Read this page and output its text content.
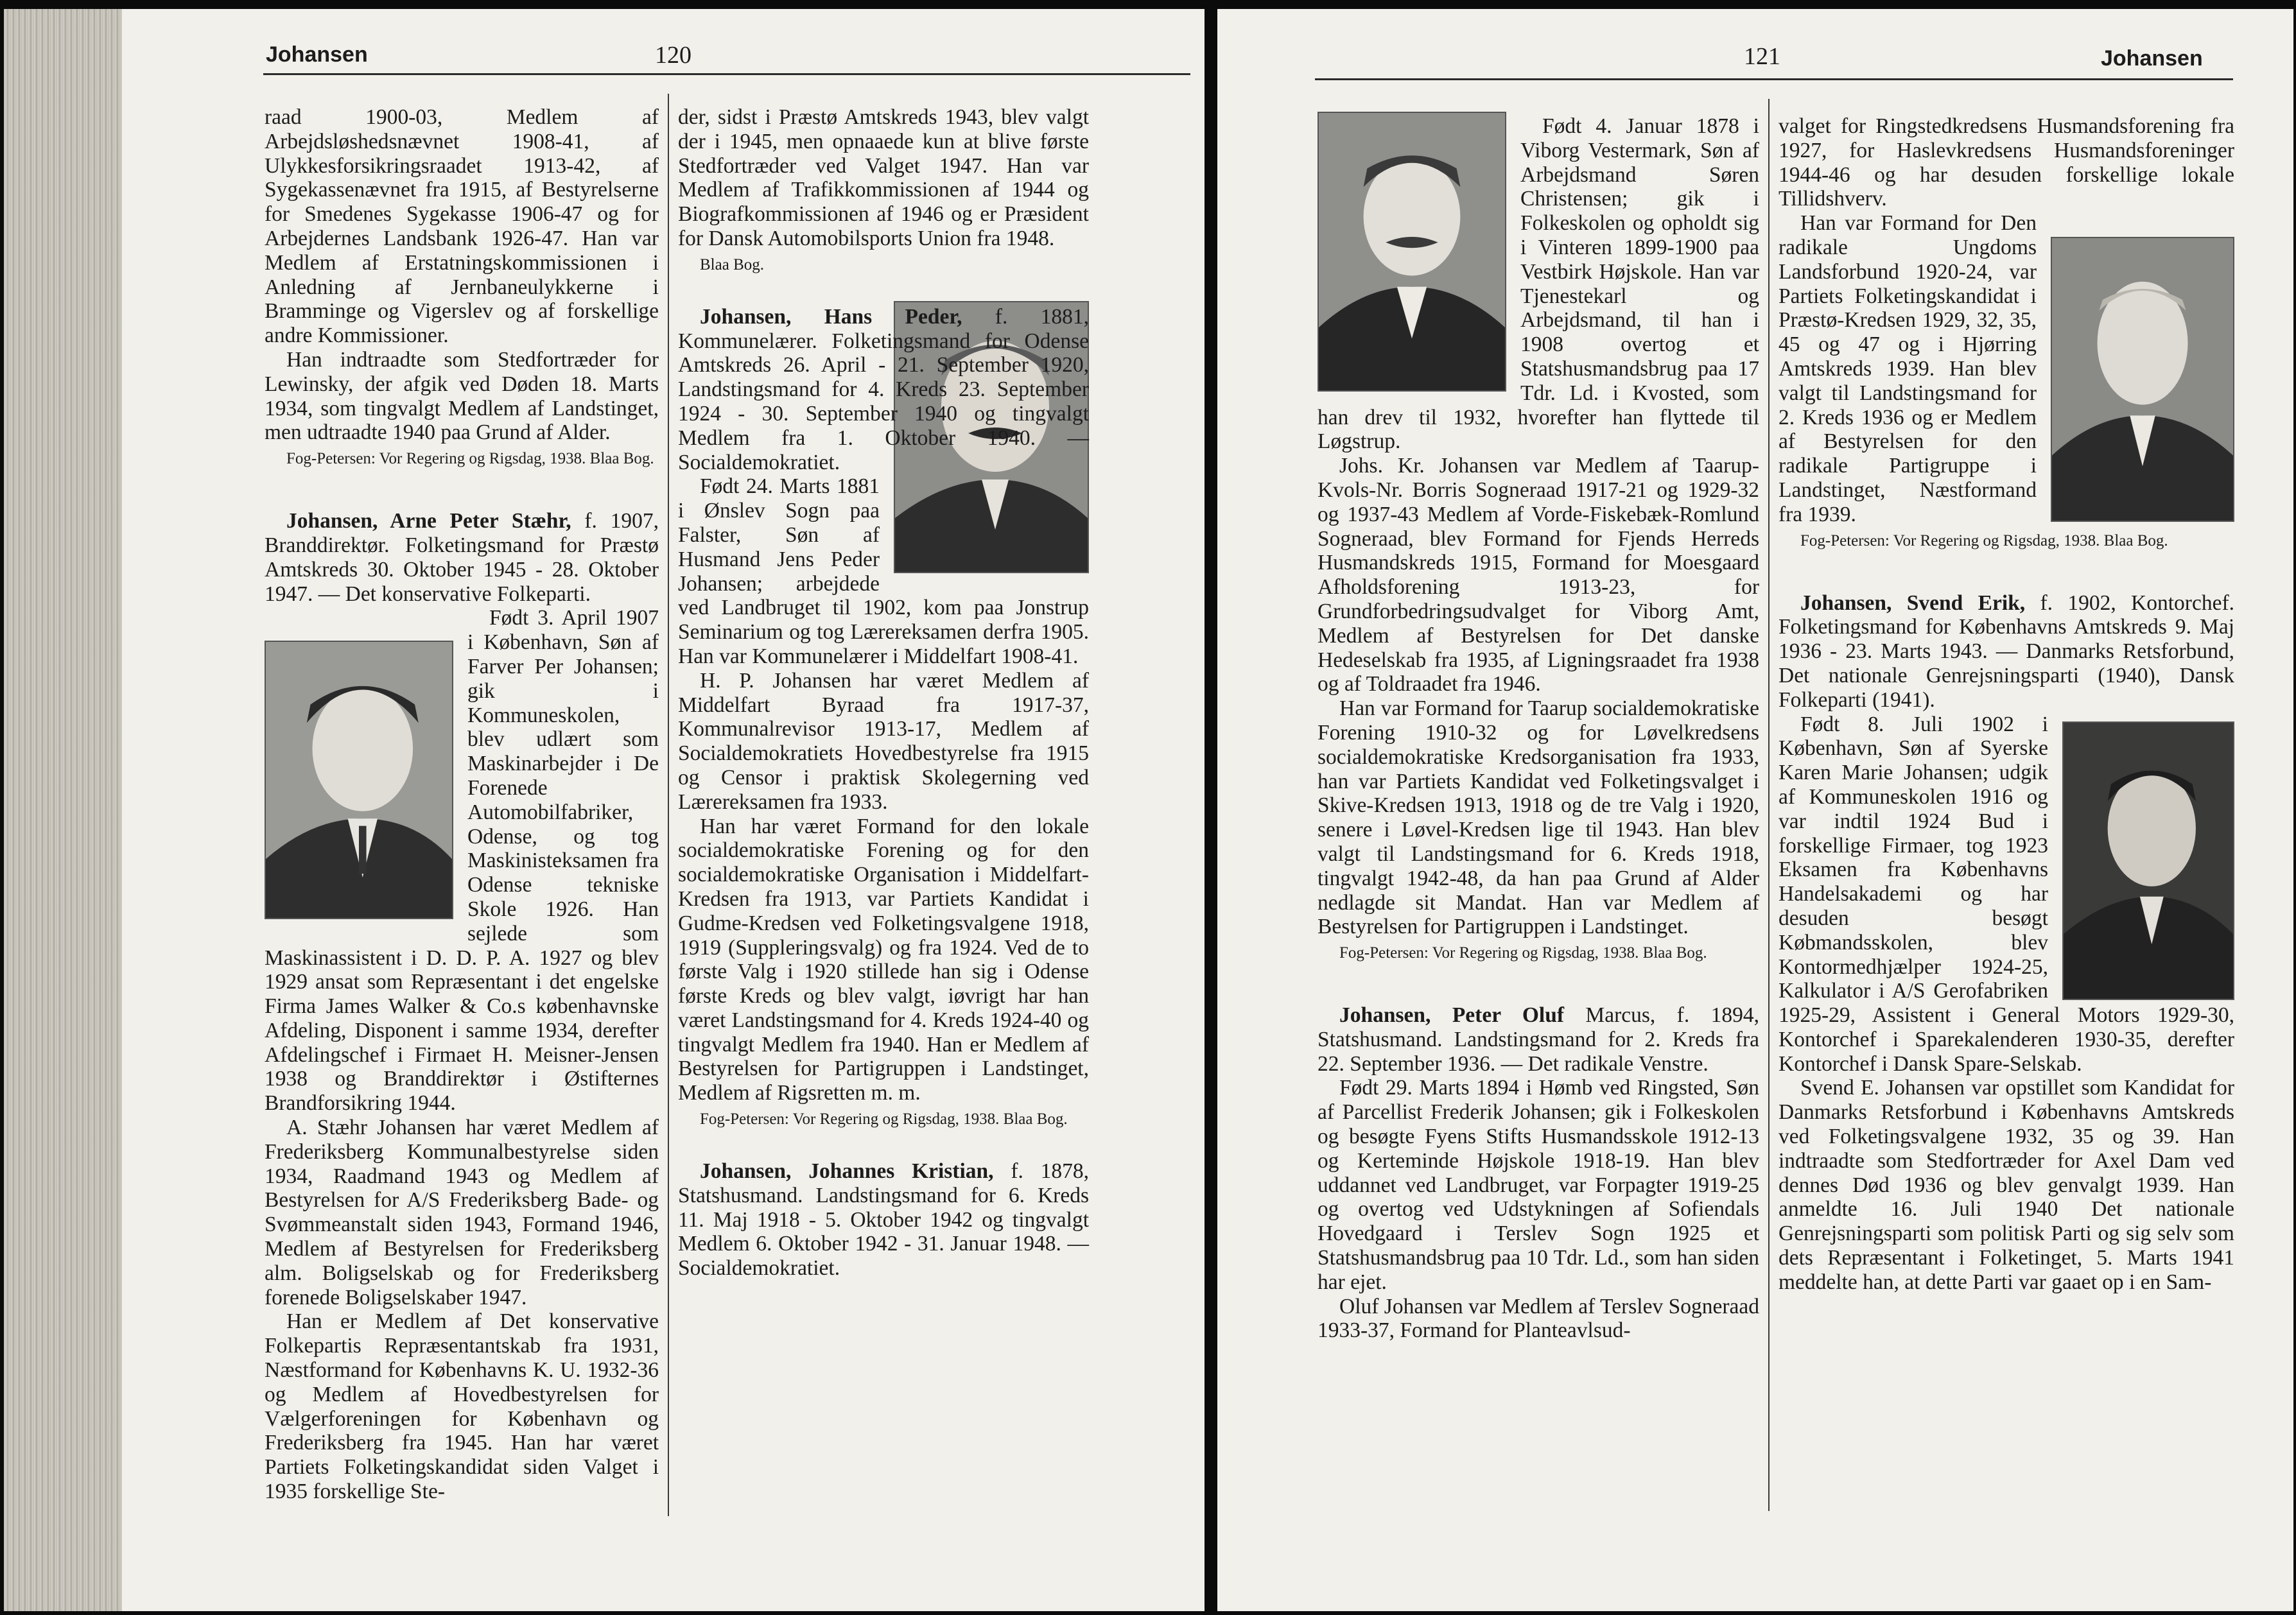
Johansen	120

raad 1900-03, Medlem af Arbejdsløshedsnævnet 1908-41, af Ulykkesforsikringsraadet 1913-42, af Sygekassenævnet fra 1915, af Bestyrelserne for Smedenes Sygekasse 1906-47 og for Arbejdernes Landsbank 1926-47. Han var Medlem af Erstatningskommissionen i Anledning af Jernbaneulykkerne i Bramminge og Vigerslev og af forskellige andre Kommissioner.

Han indtraadte som Stedfortræder for Lewinsky, der afgik ved Døden 18. Marts 1934, som tingvalgt Medlem af Landstinget, men udtraadte 1940 paa Grund af Alder.

Fog-Petersen: Vor Regering og Rigsdag, 1938. Blaa Bog.

Johansen, Arne Peter Stæhr, f. 1907, Branddirektør. Folketingsmand for Præstø Amtskreds 30. Oktober 1945 - 28. Oktober 1947. — Det konservative Folkeparti.

Født 3. April 1907 i København, Søn af Farver Per Johansen; gik i Kommuneskolen, blev udlært som Maskinarbejder i De Forenede Automobilfabriker, Odense, og tog Maskinisteksamen fra Odense tekniske Skole 1926. Han sejlede som Maskinassistent i D. D. P. A. 1927 og blev 1929 ansat som Repræsentant i det engelske Firma James Walker & Co.s københavnske Afdeling, Disponent i samme 1934, derefter Afdelingschef i Firmaet H. Meisner-Jensen 1938 og Branddirektør i Østifternes Brandforsikring 1944.

A. Stæhr Johansen har været Medlem af Frederiksberg Kommunalbestyrelse siden 1934, Raadmand 1943 og Medlem af Bestyrelsen for A/S Frederiksberg Bade- og Svømmeanstalt siden 1943, Formand 1946, Medlem af Bestyrelsen for Frederiksberg alm. Boligselskab og for Frederiksberg forenede Boligselskaber 1947.

Han er Medlem af Det konservative Folkepartis Repræsentantskab fra 1931, Næstformand for Københavns K. U. 1932-36 og Medlem af Hovedbestyrelsen for Vælgerforeningen for København og Frederiksberg fra 1945. Han har været Partiets Folketingskandidat siden Valget i 1935 forskellige Ste-

der, sidst i Præstø Amtskreds 1943, blev valgt der i 1945, men opnaaede kun at blive første Stedfortræder ved Valget 1947. Han var Medlem af Trafikkommissionen af 1944 og Biografkommissionen af 1946 og er Præsident for Dansk Automobilsports Union fra 1948.

Blaa Bog.

Johansen, Hans Peder, f. 1881, Kommunelærer. Folketingsmand for Odense Amtskreds 26. April - 21. September 1920, Landstingsmand for 4. Kreds 23. September 1924 - 30. September 1940 og tingvalgt Medlem fra 1. Oktober 1940. — Socialdemokratiet.

Født 24. Marts 1881 i Ønslev Sogn paa Falster, Søn af Husmand Jens Peder Johansen; arbejdede ved Landbruget til 1902, kom paa Jonstrup Seminarium og tog Lærereksamen derfra 1905. Han var Kommunelærer i Middelfart 1908-41.

H. P. Johansen har været Medlem af Middelfart Byraad fra 1917-37, Kommunalrevisor 1913-17, Medlem af Socialdemokratiets Hovedbestyrelse fra 1915 og Censor i praktisk Skolegerning ved Lærereksamen fra 1933.

Han har været Formand for den lokale socialdemokratiske Forening og for den socialdemokratiske Organisation i Middelfart-Kredsen fra 1913, var Partiets Kandidat i Gudme-Kredsen ved Folketingsvalgene 1918, 1919 (Suppleringsvalg) og fra 1924. Ved de to første Valg i 1920 stillede han sig i Odense første Kreds og blev valgt, iøvrigt har han været Landstingsmand for 4. Kreds 1924-40 og tingvalgt Medlem fra 1940. Han er Medlem af Bestyrelsen for Partigruppen i Landstinget, Medlem af Rigsretten m. m.

Fog-Petersen: Vor Regering og Rigsdag, 1938. Blaa Bog.

Johansen, Johannes Kristian, f. 1878, Statshusmand. Landstingsmand for 6. Kreds 11. Maj 1918 - 5. Oktober 1942 og tingvalgt Medlem 6. Oktober 1942 - 31. Januar 1948. — Socialdemokratiet.

121	Johansen

Født 4. Januar 1878 i Viborg Vestermark, Søn af Arbejdsmand Søren Christensen; gik i Folkeskolen og opholdt sig i Vinteren 1899-1900 paa Vestbirk Højskole. Han var Tjenestekarl og Arbejdsmand, til han i 1908 overtog et Statshusmandsbrug paa 17 Tdr. Ld. i Kvosted, som han drev til 1932, hvorefter han flyttede til Løgstrup.

Johs. Kr. Johansen var Medlem af Taarup-Kvols-Nr. Borris Sogneraad 1917-21 og 1929-32 og 1937-43 Medlem af Vorde-Fiskebæk-Romlund Sogneraad, blev Formand for Fjends Herreds Husmandskreds 1915, Formand for Moesgaard Afholdsforening 1913-23, for Grundforbedringsudvalget for Viborg Amt, Medlem af Bestyrelsen for Det danske Hedeselskab fra 1935, af Ligningsraadet fra 1938 og af Toldraadet fra 1946.

Han var Formand for Taarup socialdemokratiske Forening 1910-32 og for Løvelkredsens socialdemokratiske Kredsorganisation fra 1933, han var Partiets Kandidat ved Folketingsvalget i Skive-Kredsen 1913, 1918 og de tre Valg i 1920, senere i Løvel-Kredsen lige til 1943. Han blev valgt til Landstingsmand for 6. Kreds 1918, tingvalgt 1942-48, da han paa Grund af Alder nedlagde sit Mandat. Han var Medlem af Bestyrelsen for Partigruppen i Landstinget.

Fog-Petersen: Vor Regering og Rigsdag, 1938. Blaa Bog.

Johansen, Peter Oluf Marcus, f. 1894, Statshusmand. Landstingsmand for 2. Kreds fra 22. September 1936. — Det radikale Venstre.

Født 29. Marts 1894 i Hømb ved Ringsted, Søn af Parcellist Frederik Johansen; gik i Folkeskolen og besøgte Fyens Stifts Husmandsskole 1912-13 og Kerteminde Højskole 1918-19. Han blev uddannet ved Landbruget, var Forpagter 1919-25 og overtog ved Udstykningen af Sofiendals Hovedgaard i Terslev Sogn 1925 et Statshusmandsbrug paa 10 Tdr. Ld., som han siden har ejet.

Oluf Johansen var Medlem af Terslev Sogneraad 1933-37, Formand for Planteavlsud-

valget for Ringstedkredsens Husmandsforening fra 1927, for Haslevkredsens Husmandsforeninger 1944-46 og har desuden forskellige lokale Tillidshverv.

Han var Formand for Den radikale Ungdoms Landsforbund 1920-24, var Partiets Folketingskandidat i Præstø-Kredsen 1929, 32, 35, 45 og 47 og i Hjørring Amtskreds 1939. Han blev valgt til Landstingsmand for 2. Kreds 1936 og er Medlem af Bestyrelsen for den radikale Partigruppe i Landstinget, Næstformand fra 1939.

Fog-Petersen: Vor Regering og Rigsdag, 1938. Blaa Bog.

Johansen, Svend Erik, f. 1902, Kontorchef. Folketingsmand for Københavns Amtskreds 9. Maj 1936 - 23. Marts 1943. — Danmarks Retsforbund, Det nationale Genrejsningsparti (1940), Dansk Folkeparti (1941).

Født 8. Juli 1902 i København, Søn af Syerske Karen Marie Johansen; udgik af Kommuneskolen 1916 og var indtil 1924 Bud i forskellige Firmaer, tog 1923 Eksamen fra Københavns Handelsakademi og har desuden besøgt Købmandsskolen, blev Kontormedhjælper 1924-25, Kalkulator i A/S Gerofabriken 1925-29, Assistent i General Motors 1929-30, Kontorchef i Sparekalenderen 1930-35, derefter Kontorchef i Dansk Spare-Selskab.

Svend E. Johansen var opstillet som Kandidat for Danmarks Retsforbund i Københavns Amtskreds ved Folketingsvalgene 1932, 35 og 39. Han indtraadte som Stedfortræder for Axel Dam ved dennes Død 1936 og blev genvalgt 1939. Han anmeldte 16. Juli 1940 Det nationale Genrejsningsparti som politisk Parti og sig selv som dets Repræsentant i Folketinget, 5. Marts 1941 meddelte han, at dette Parti var gaaet op i en Sam-
